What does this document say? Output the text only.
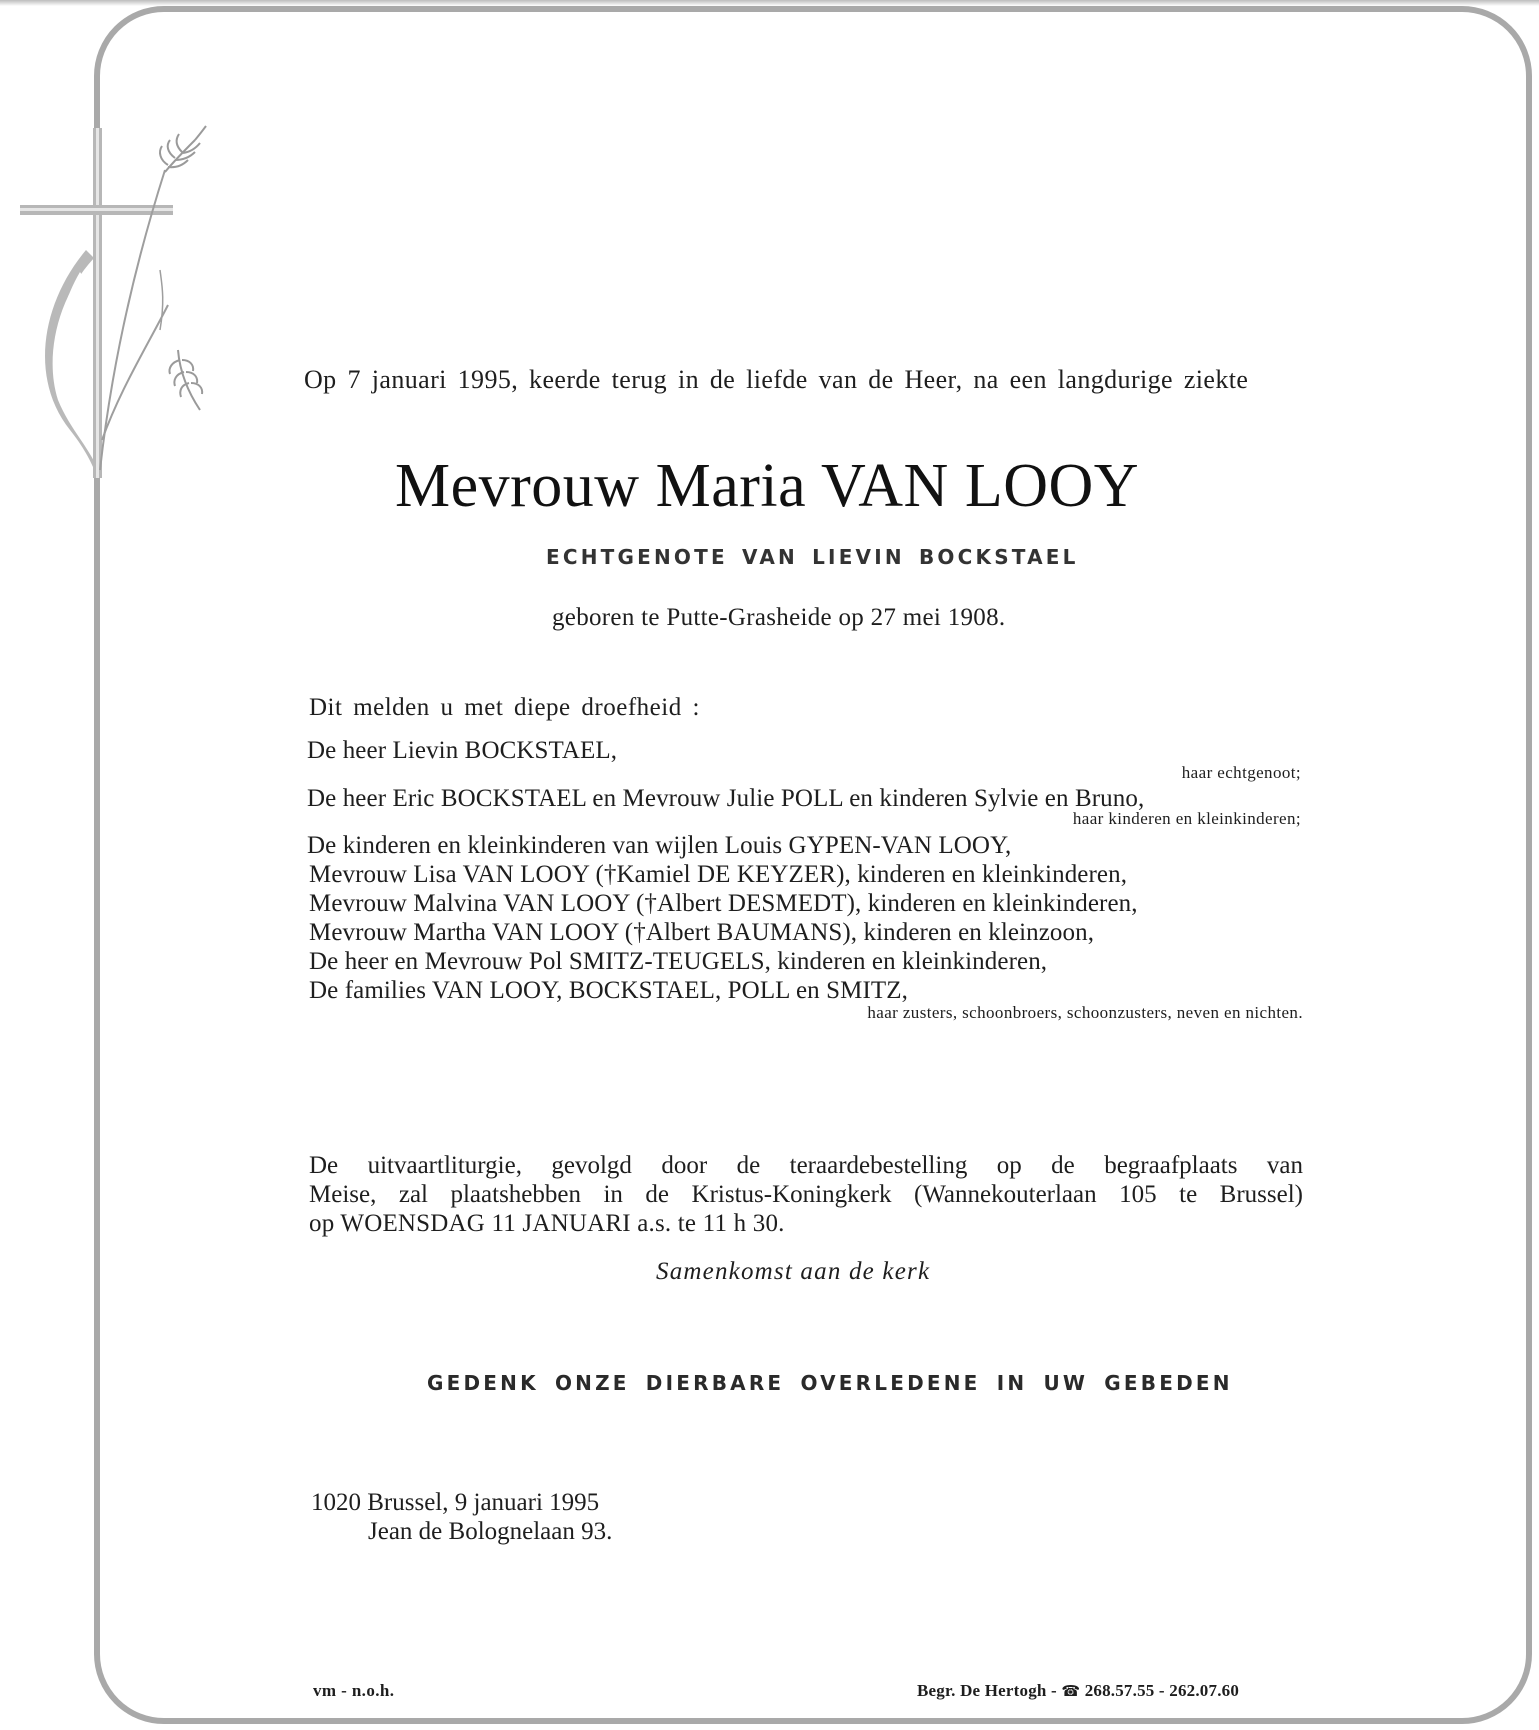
Op 7 januari 1995, keerde terug in de liefde van de Heer, na een langdurige ziekte
Mevrouw Maria VAN LOOY
ECHTGENOTE VAN LIEVIN BOCKSTAEL
geboren te Putte-Grasheide op 27 mei 1908.
Dit melden u met diepe droefheid :
De heer Lievin BOCKSTAEL,
haar echtgenoot;
De heer Eric BOCKSTAEL en Mevrouw Julie POLL en kinderen Sylvie en Bruno,
haar kinderen en kleinkinderen;
De kinderen en kleinkinderen van wijlen Louis GYPEN-VAN LOOY,
Mevrouw Lisa VAN LOOY (†Kamiel DE KEYZER), kinderen en kleinkinderen,
Mevrouw Malvina VAN LOOY (†Albert DESMEDT), kinderen en kleinkinderen,
Mevrouw Martha VAN LOOY (†Albert BAUMANS), kinderen en kleinzoon,
De heer en Mevrouw Pol SMITZ-TEUGELS, kinderen en kleinkinderen,
De families VAN LOOY, BOCKSTAEL, POLL en SMITZ,
haar zusters, schoonbroers, schoonzusters, neven en nichten.
De uitvaartliturgie, gevolgd door de teraardebestelling op de begraafplaats van
Meise, zal plaatshebben in de Kristus-Koningkerk (Wannekouterlaan 105 te Brussel)
op WOENSDAG 11 JANUARI a.s. te 11 h 30.
Samenkomst aan de kerk
GEDENK ONZE DIERBARE OVERLEDENE IN UW GEBEDEN
1020 Brussel, 9 januari 1995
Jean de Bolognelaan 93.
vm - n.o.h.	Begr. De Hertogh - ☎ 268.57.55 - 262.07.60
